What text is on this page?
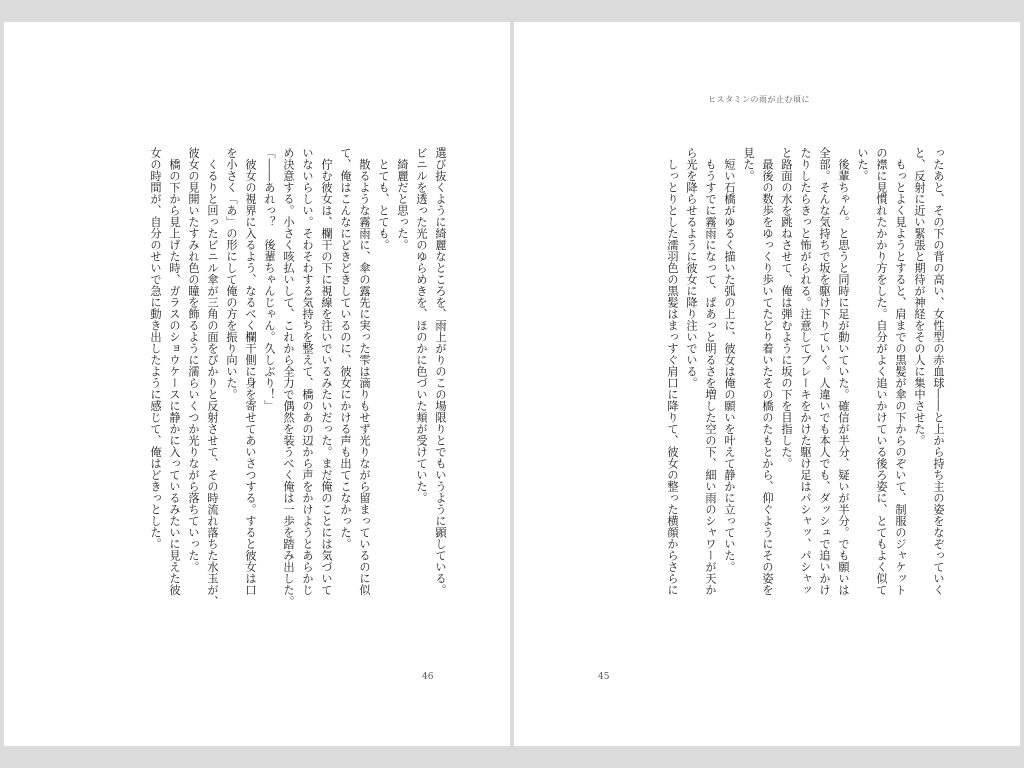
選び抜くように綺麗なところを、雨上がりのこの場限りとでもいうように顕している。

ビニルを透った光のゆらめきを、ほのかに色づいた頬が受けていた。

　綺麗だと思った。

　とても、とても。

　散るような霧雨に、傘の露先に実った雫は滴りもせず光りながら留まっているのに似

て、俺はこんなにどきどきしているのに、彼女にかける声も出てこなかった。

　佇む彼女は、欄干の下に視線を注いでいるみたいだった。まだ俺のことには気づいて

いないらしい。そわそわする気持ちを整えて、橋のあの辺から声をかけようとあらかじ

め決意する。小さく咳払いして、これから全力で偶然を装うべく俺は一歩を踏み出した。

「――あれっ？　後輩ちゃんじゃん。久しぶり！」

　彼女の視界に入るよう、なるべく欄干側に身を寄せてあいさつする。すると彼女は口

を小さく「あ」の形にして俺の方を振り向いた。

　くるりと回ったビニル傘が三角の面をぴかりと反射させて、その時流れ落ちた水玉が、

彼女の見開いたすみれ色の瞳を飾るように濡らいくつか光りながら落ちていった。

　橋の下から見上げた時、ガラスのショウケースに静かに入っているみたいに見えた彼

女の時間が、自分のせいで急に動き出したように感じて、俺はどきっとした。

46
ヒスタミンの雨が止む頃に

ったあと、その下の背の高い、女性型の赤血球――と上から持ち主の姿をなぞっていく

と、反射に近い緊張と期待が神経をその人に集中させた。

　もっとよく見ようとすると、肩までの黒髪が傘の下からのぞいて、制服のジャケット

の襟に見慣れたかかり方をした。自分がよく追いかけている後ろ姿に、とてもよく似て

いた。

　後輩ちゃん。と思うと同時に足が動いていた。確信が半分、疑いが半分。でも願いは

全部。そんな気持ちで坂を駆け下りていく。人違いでも本人でも、ダッシュで追いかけ

たりしたらきっと怖がられる。注意してブレーキをかけた駆け足はパシャッ、パシャッ

と路面の水を跳ねさせて、俺は弾むように坂の下を目指した。

　最後の数歩をゆっくり歩いてたどり着いたその橋のたもとから、仰ぐようにその姿を

見た。

　短い石橋がゆるく描いた弧の上に、彼女は俺の願いを叶えて静かに立っていた。

　もうすでに霧雨になって、ぱあっと明るさを増した空の下、細い雨のシャワーが天か

ら光を降らせるように彼女に降り注いでいる。

　しっとりとした濡羽色の黒髪はまっすぐ肩口に降りて、彼女の整った横顔からさらに

45
